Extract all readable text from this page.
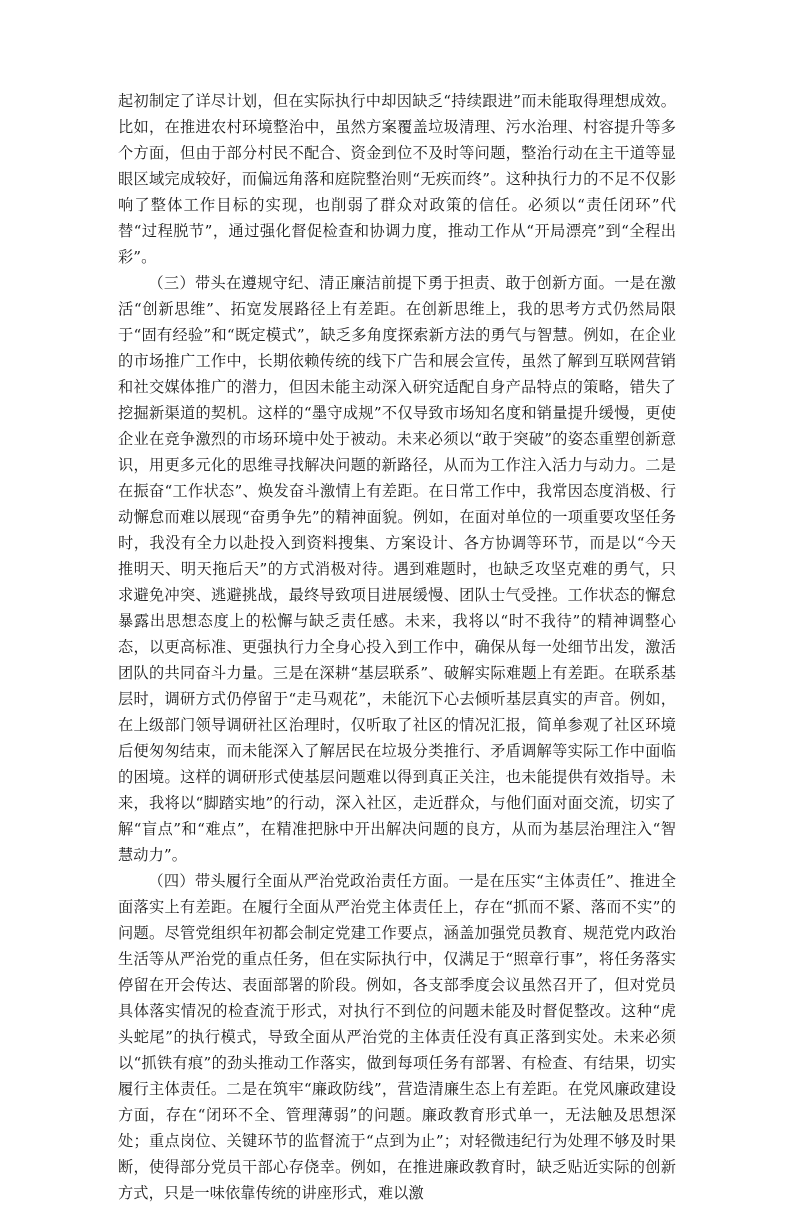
起初制定了详尽计划，但在实际执行中却因缺乏“持续跟进”而未能取得理想成效。比如，在推进农村环境整治中，虽然方案覆盖垃圾清理、污水治理、村容提升等多个方面，但由于部分村民不配合、资金到位不及时等问题，整治行动在主干道等显眼区域完成较好，而偏远角落和庭院整治则“无疾而终”。这种执行力的不足不仅影响了整体工作目标的实现，也削弱了群众对政策的信任。必须以“责任闭环”代替“过程脱节”，通过强化督促检查和协调力度，推动工作从“开局漂亮”到“全程出彩”。

（三）带头在遵规守纪、清正廉洁前提下勇于担责、敢于创新方面。一是在激活“创新思维”、拓宽发展路径上有差距。在创新思维上，我的思考方式仍然局限于“固有经验”和“既定模式”，缺乏多角度探索新方法的勇气与智慧。例如，在企业的市场推广工作中，长期依赖传统的线下广告和展会宣传，虽然了解到互联网营销和社交媒体推广的潜力，但因未能主动深入研究适配自身产品特点的策略，错失了挖掘新渠道的契机。这样的“墨守成规”不仅导致市场知名度和销量提升缓慢，更使企业在竞争激烈的市场环境中处于被动。未来必须以“敢于突破”的姿态重塑创新意识，用更多元化的思维寻找解决问题的新路径，从而为工作注入活力与动力。二是在振奋“工作状态”、焕发奋斗激情上有差距。在日常工作中，我常因态度消极、行动懈怠而难以展现“奋勇争先”的精神面貌。例如，在面对单位的一项重要攻坚任务时，我没有全力以赴投入到资料搜集、方案设计、各方协调等环节，而是以“今天推明天、明天拖后天”的方式消极对待。遇到难题时，也缺乏攻坚克难的勇气，只求避免冲突、逃避挑战，最终导致项目进展缓慢、团队士气受挫。工作状态的懈怠暴露出思想态度上的松懈与缺乏责任感。未来，我将以“时不我待”的精神调整心态，以更高标准、更强执行力全身心投入到工作中，确保从每一处细节出发，激活团队的共同奋斗力量。三是在深耕“基层联系”、破解实际难题上有差距。在联系基层时，调研方式仍停留于“走马观花”，未能沉下心去倾听基层真实的声音。例如，在上级部门领导调研社区治理时，仅听取了社区的情况汇报，简单参观了社区环境后便匆匆结束，而未能深入了解居民在垃圾分类推行、矛盾调解等实际工作中面临的困境。这样的调研形式使基层问题难以得到真正关注，也未能提供有效指导。未来，我将以“脚踏实地”的行动，深入社区，走近群众，与他们面对面交流，切实了解“盲点”和“难点”，在精准把脉中开出解决问题的良方，从而为基层治理注入“智慧动力”。

（四）带头履行全面从严治党政治责任方面。一是在压实“主体责任”、推进全面落实上有差距。在履行全面从严治党主体责任上，存在“抓而不紧、落而不实”的问题。尽管党组织年初都会制定党建工作要点，涵盖加强党员教育、规范党内政治生活等从严治党的重点任务，但在实际执行中，仅满足于“照章行事”，将任务落实停留在开会传达、表面部署的阶段。例如，各支部季度会议虽然召开了，但对党员具体落实情况的检查流于形式，对执行不到位的问题未能及时督促整改。这种“虎头蛇尾”的执行模式，导致全面从严治党的主体责任没有真正落到实处。未来必须以“抓铁有痕”的劲头推动工作落实，做到每项任务有部署、有检查、有结果，切实履行主体责任。二是在筑牢“廉政防线”，营造清廉生态上有差距。在党风廉政建设方面，存在“闭环不全、管理薄弱”的问题。廉政教育形式单一，无法触及思想深处；重点岗位、关键环节的监督流于“点到为止”；对轻微违纪行为处理不够及时果断，使得部分党员干部心存侥幸。例如，在推进廉政教育时，缺乏贴近实际的创新方式，只是一味依靠传统的讲座形式，难以激
